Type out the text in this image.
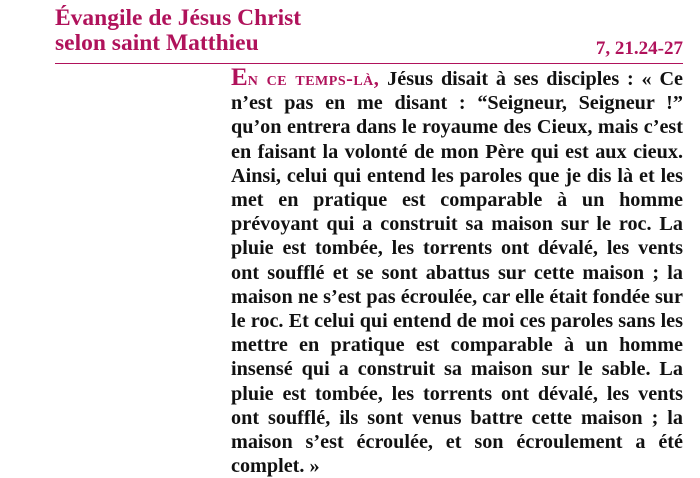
Évangile de Jésus Christ
selon saint Matthieu	7, 21.24-27
En ce temps-là, Jésus disait à ses disciples : « Ce n’est pas en me disant : “Seigneur, Seigneur !” qu’on entrera dans le royaume des Cieux, mais c’est en faisant la volonté de mon Père qui est aux cieux. Ainsi, celui qui entend les paroles que je dis là et les met en pratique est comparable à un homme prévoyant qui a construit sa maison sur le roc. La pluie est tombée, les torrents ont dévalé, les vents ont soufflé et se sont abattus sur cette maison ; la maison ne s’est pas écroulée, car elle était fondée sur le roc. Et celui qui entend de moi ces paroles sans les mettre en pratique est comparable à un homme insensé qui a construit sa maison sur le sable. La pluie est tombée, les torrents ont dévalé, les vents ont soufflé, ils sont venus battre cette maison ; la maison s’est écroulée, et son écroulement a été complet. »
